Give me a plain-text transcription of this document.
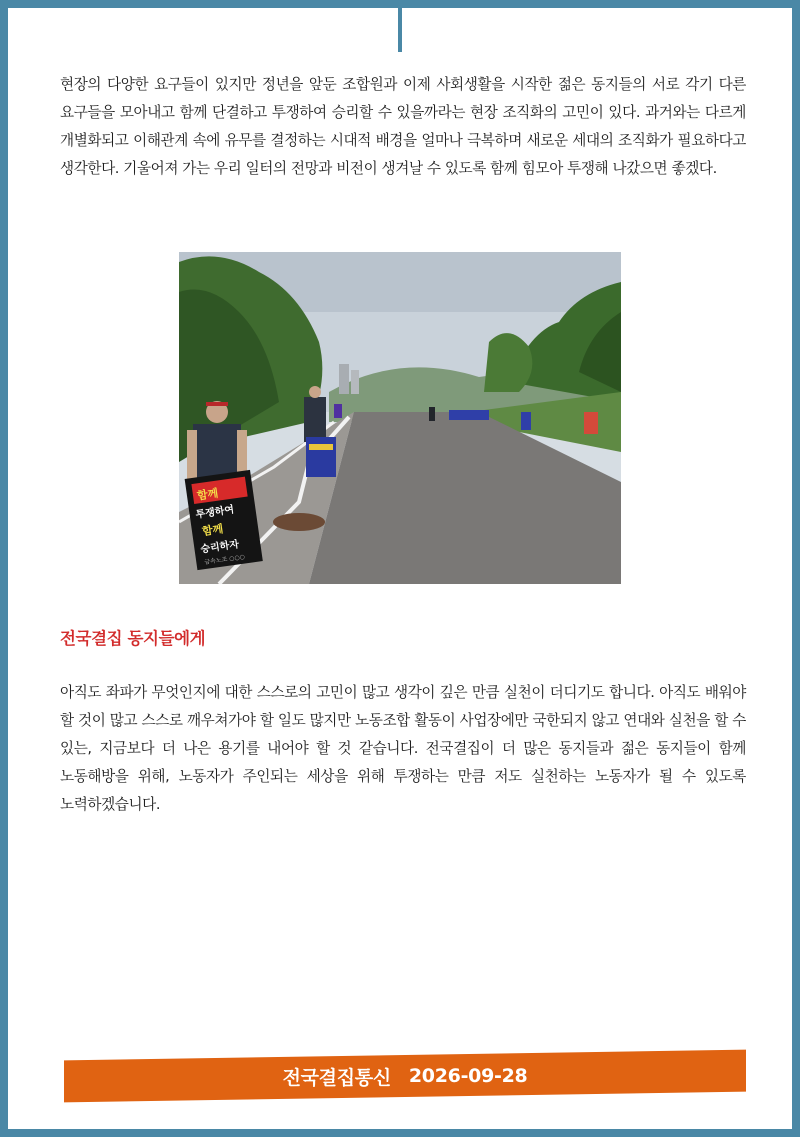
현장의 다양한 요구들이 있지만 정년을 앞둔 조합원과 이제 사회생활을 시작한 젊은 동지들의 서로 각기 다른 요구들을 모아내고 함께 단결하고 투쟁하여 승리할 수 있을까라는 현장 조직화의 고민이 있다. 과거와는 다르게 개별화되고 이해관계 속에 유무를 결정하는 시대적 배경을 얼마나 극복하며 새로운 세대의 조직화가 필요하다고 생각한다. 기울어져 가는 우리 일터의 전망과 비전이 생겨날 수 있도록 함께 힘모아 투쟁해 나갔으면 좋겠다.

함께
투쟁하여
함께
승리하자
금속노조 ○○○
전국결집 동지들에게

아직도 좌파가 무엇인지에 대한 스스로의 고민이 많고 생각이 깊은 만큼 실천이 더디기도 합니다. 아직도 배워야 할 것이 많고 스스로 깨우쳐가야 할 일도 많지만 노동조합 활동이 사업장에만 국한되지 않고 연대와 실천을 할 수 있는, 지금보다 더 나은 용기를 내어야 할 것 같습니다. 전국결집이 더 많은 동지들과 젊은 동지들이 함께 노동해방을 위해, 노동자가 주인되는 세상을 위해 투쟁하는 만큼 저도 실천하는 노동자가 될 수 있도록 노력하겠습니다.

전국결집통신 2026-09-28
